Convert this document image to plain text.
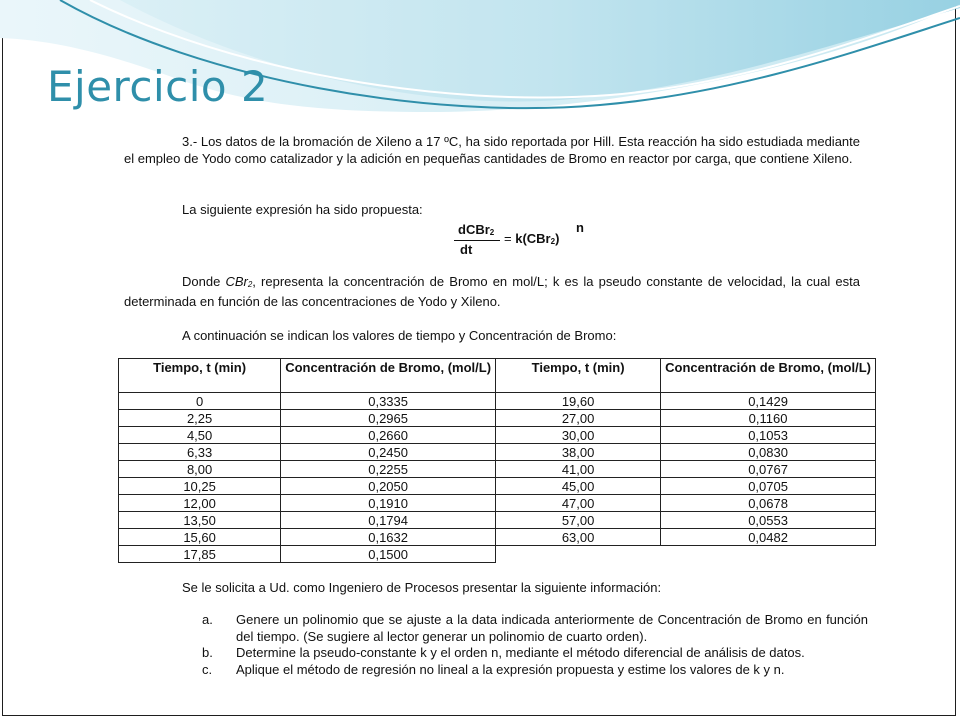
Ejercicio 2
3.- Los datos de la bromación de Xileno a 17 ºC, ha sido reportada por Hill. Esta reacción ha sido estudiada mediante el empleo de Yodo como catalizador y la adición en pequeñas cantidades de Bromo en reactor por carga, que contiene Xileno.
La siguiente expresión ha sido propuesta:
dCBr2
dt
= k(CBr2)
n
Donde CBr2, representa la concentración de Bromo en mol/L; k es la pseudo constante de velocidad, la cual esta determinada en función de las concentraciones de Yodo y Xileno.
A continuación se indican los valores de tiempo y Concentración de Bromo:
Tiempo, t (min)	Concentración de Bromo, (mol/L)	Tiempo, t (min)	Concentración de Bromo, (mol/L)
0	0,3335	19,60	0,1429
2,25	0,2965	27,00	0,1160
4,50	0,2660	30,00	0,1053
6,33	0,2450	38,00	0,0830
8,00	0,2255	41,00	0,0767
10,25	0,2050	45,00	0,0705
12,00	0,1910	47,00	0,0678
13,50	0,1794	57,00	0,0553
15,60	0,1632	63,00	0,0482
17,85	0,1500		
Se le solicita a Ud. como Ingeniero de Procesos presentar la siguiente información:
a. Genere un polinomio que se ajuste a la data indicada anteriormente de Concentración de Bromo en función del tiempo. (Se sugiere al lector generar un polinomio de cuarto orden).
b. Determine la pseudo-constante k y el orden n, mediante el método diferencial de análisis de datos.
c. Aplique el método de regresión no lineal a la expresión propuesta y estime los valores de k y n.
